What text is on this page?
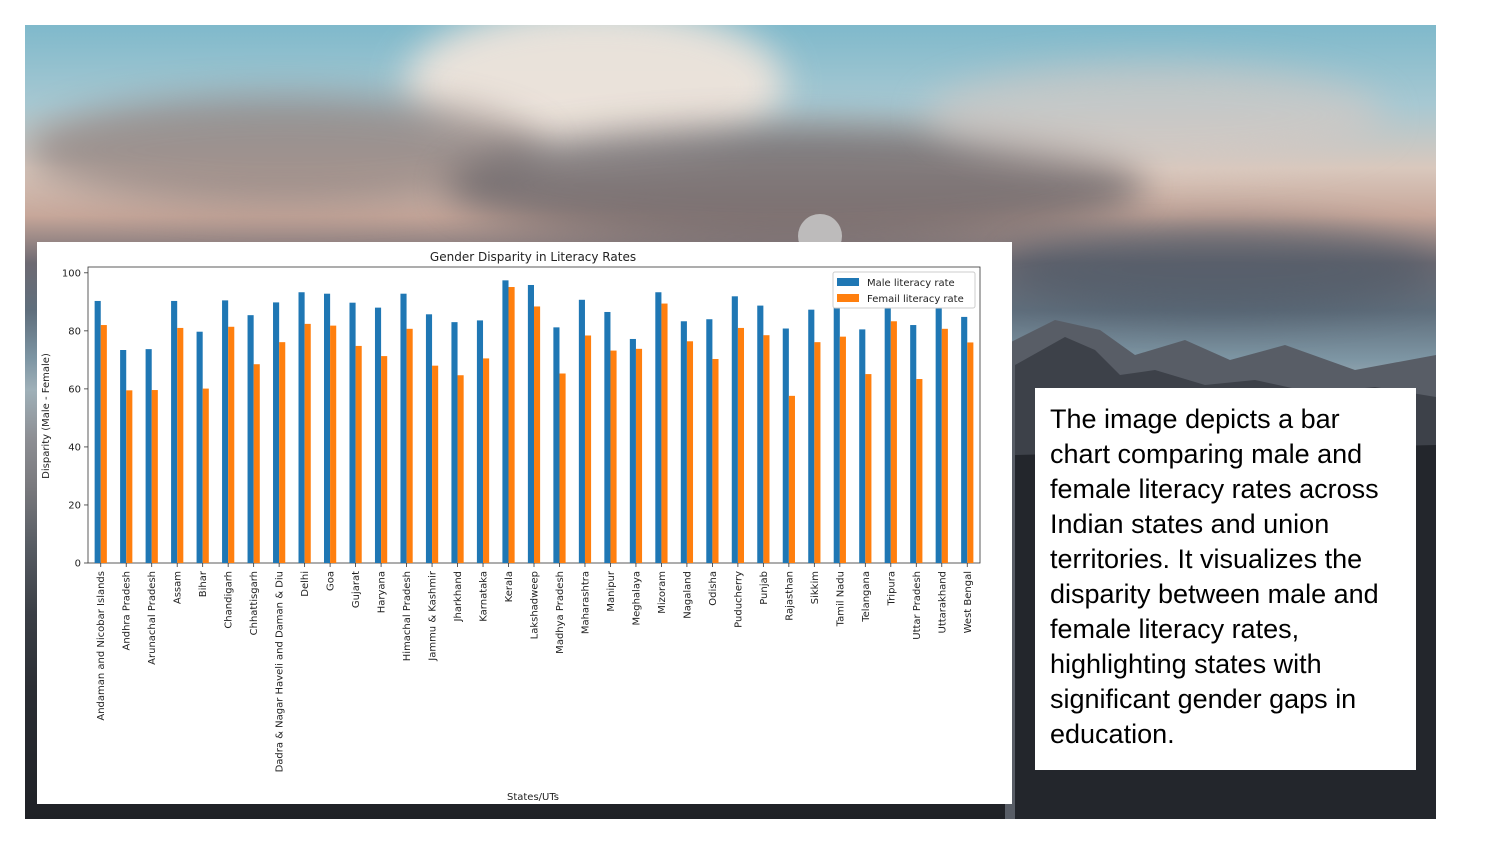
Gender Disparity in Literacy Rates
States/UTs
Disparity (Male - Female)
0
20
40
60
80
100
Andaman and Nicobar Islands Andhra Pradesh Arunachal Pradesh Assam Bihar Chandigarh Chhattisgarh Dadra & Nagar Haveli and Daman & Diu Delhi Goa Gujarat Haryana Himachal Pradesh Jammu & Kashmir Jharkhand Karnataka Kerala Lakshadweep Madhya Pradesh Maharashtra Manipur Meghalaya Mizoram Nagaland Odisha Puducherry Punjab Rajasthan Sikkim Tamil Nadu Telangana Tripura Uttar Pradesh Uttarakhand West Bengal
Male literacy rate
Femail literacy rate

The image depicts a bar chart comparing male and female literacy rates across Indian states and union territories. It visualizes the disparity between male and female literacy rates, highlighting states with significant gender gaps in education.
